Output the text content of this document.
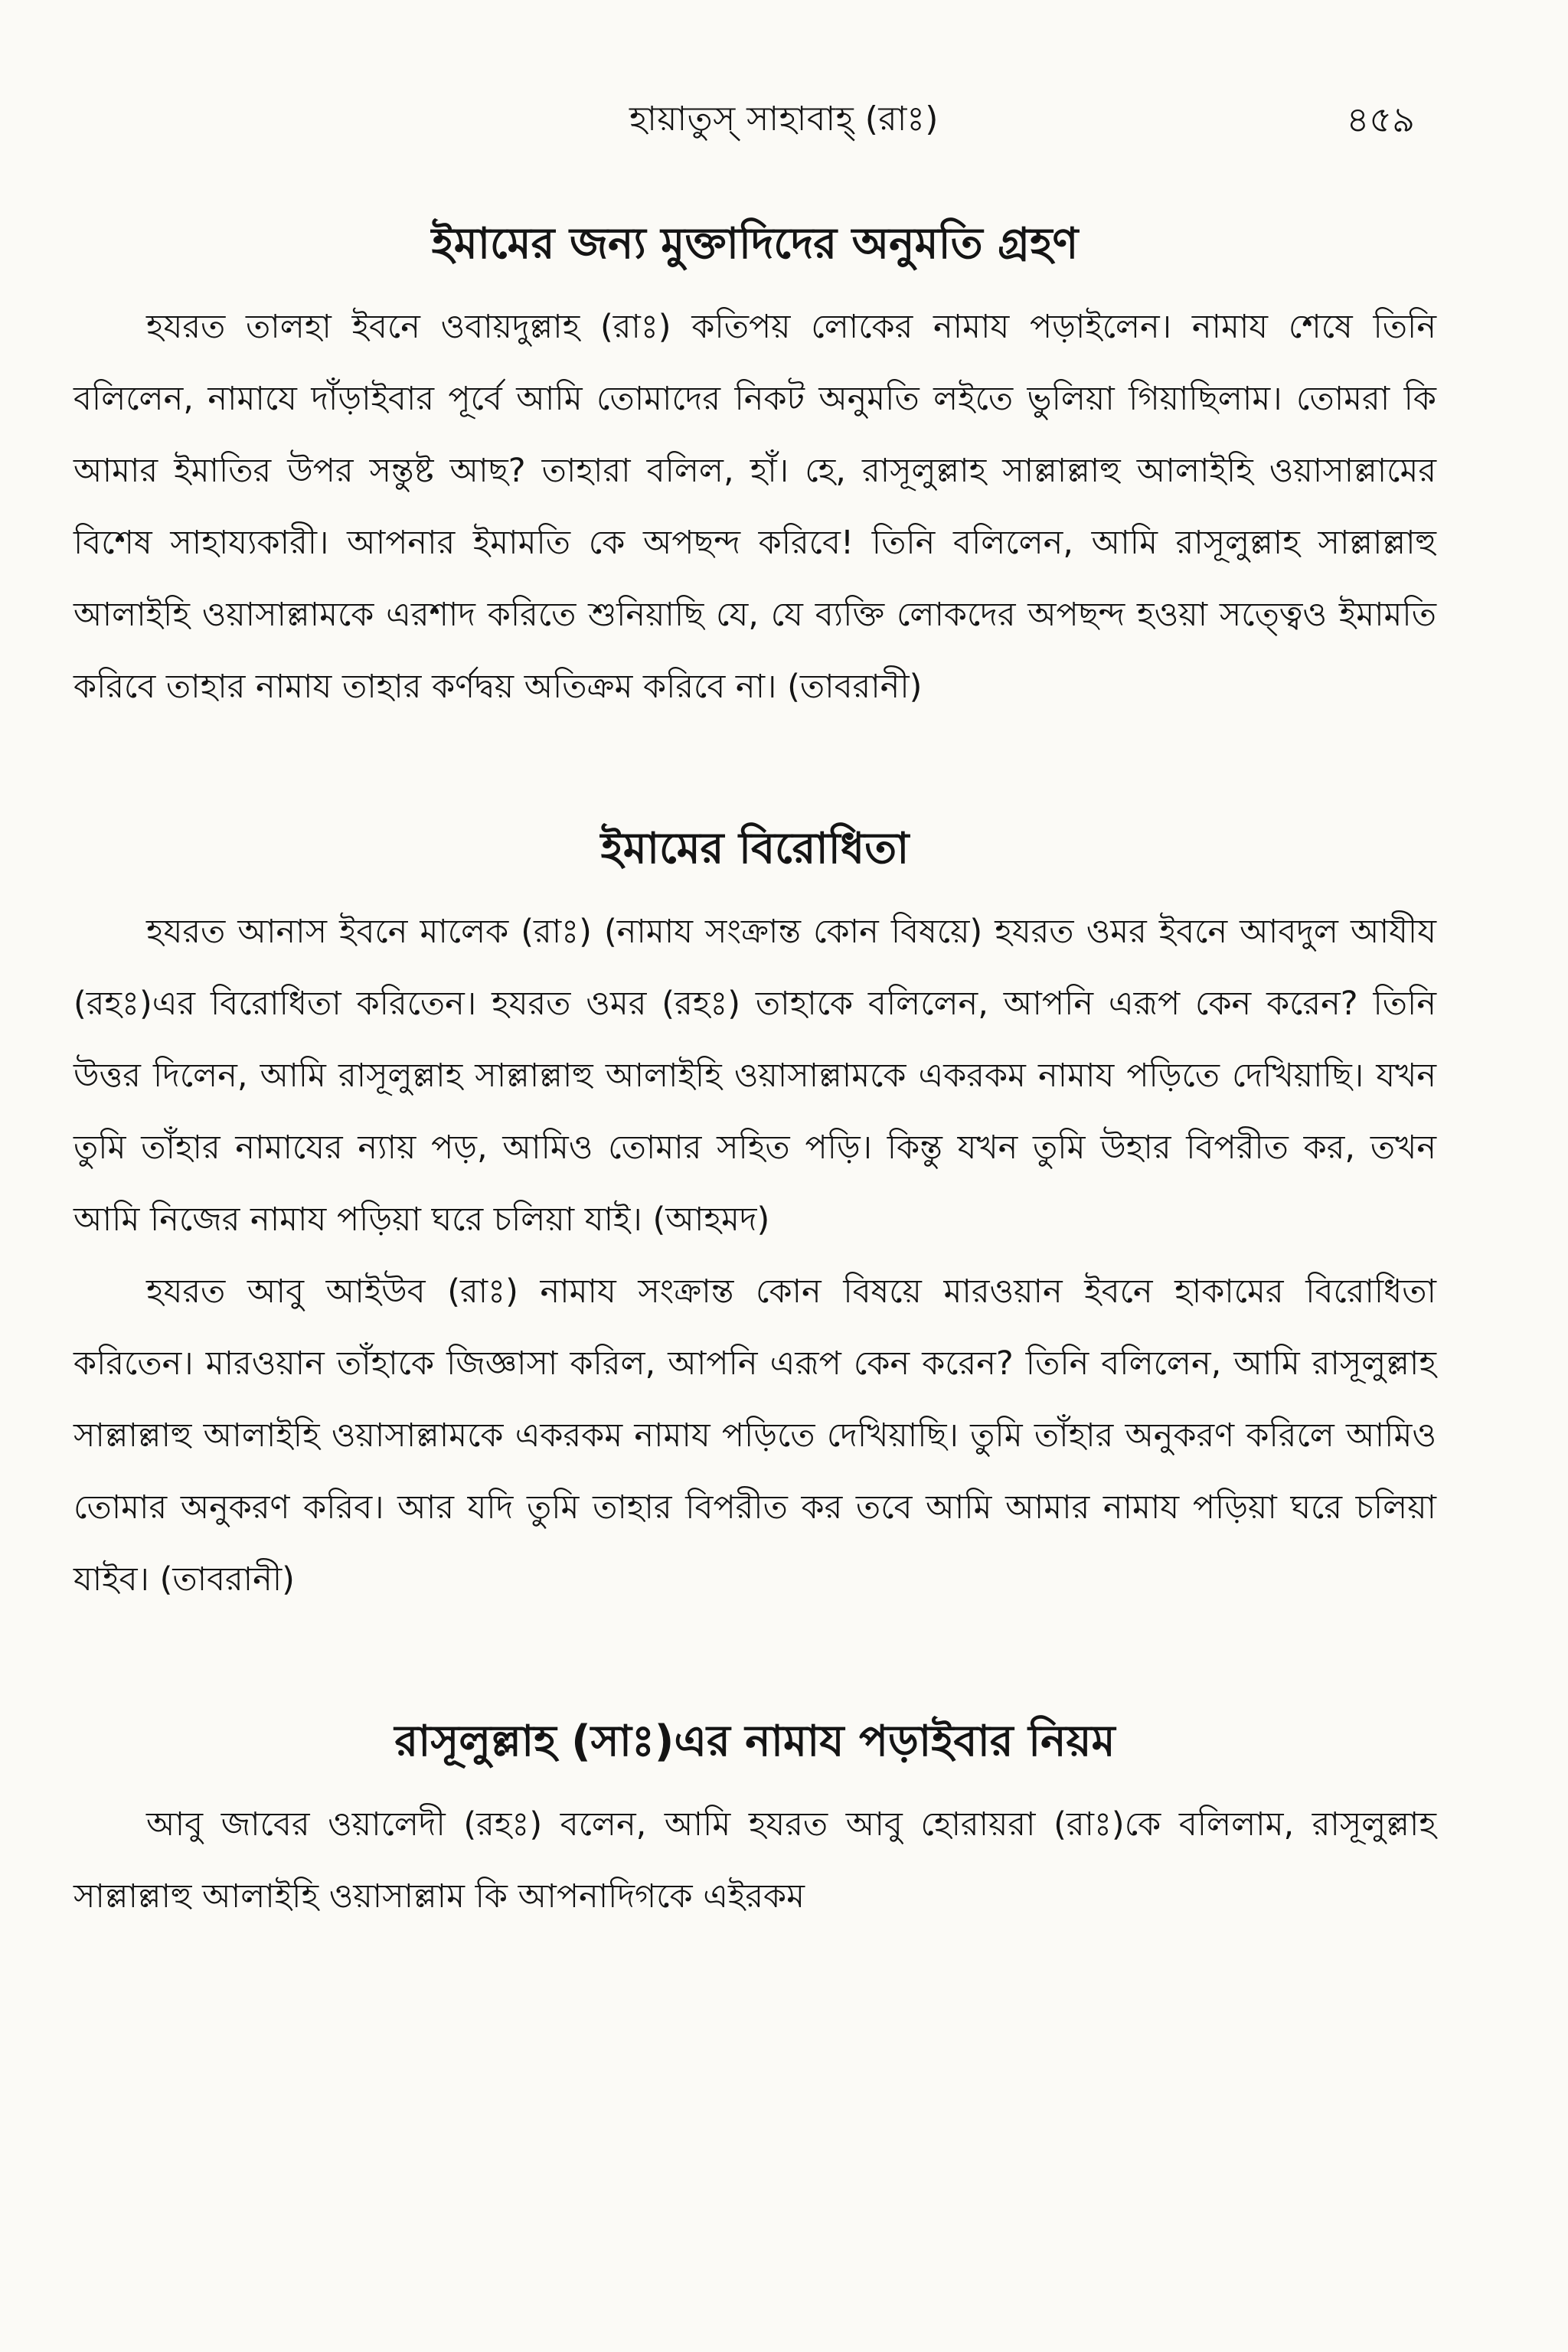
হায়াতুস্‌ সাহাবাহ্‌ (রাঃ)	৪৫৯
ইমামের জন্য মুক্তাদিদের অনুমতি গ্রহণ

হযরত তালহা ইবনে ওবায়দুল্লাহ (রাঃ) কতিপয় লোকের নামায পড়াইলেন। নামায শেষে তিনি বলিলেন, নামাযে দাঁড়াইবার পূর্বে আমি তোমাদের নিকট অনুমতি লইতে ভুলিয়া গিয়াছিলাম। তোমরা কি আমার ইমাতির উপর সন্তুষ্ট আছ? তাহারা বলিল, হাঁ। হে, রাসূলুল্লাহ সাল্লাল্লাহু আলাইহি ওয়াসাল্লামের বিশেষ সাহায্যকারী। আপনার ইমামতি কে অপছন্দ করিবে! তিনি বলিলেন, আমি রাসূলুল্লাহ সাল্লাল্লাহু আলাইহি ওয়াসাল্লামকে এরশাদ করিতে শুনিয়াছি যে, যে ব্যক্তি লোকদের অপছন্দ হওয়া সত্ত্বেও ইমামতি করিবে তাহার নামায তাহার কর্ণদ্বয় অতিক্রম করিবে না। (তাবরানী)

ইমামের বিরোধিতা

হযরত আনাস ইবনে মালেক (রাঃ) (নামায সংক্রান্ত কোন বিষয়ে) হযরত ওমর ইবনে আবদুল আযীয (রহঃ)এর বিরোধিতা করিতেন। হযরত ওমর (রহঃ) তাহাকে বলিলেন, আপনি এরূপ কেন করেন? তিনি উত্তর দিলেন, আমি রাসূলুল্লাহ সাল্লাল্লাহু আলাইহি ওয়াসাল্লামকে একরকম নামায পড়িতে দেখিয়াছি। যখন তুমি তাঁহার নামাযের ন্যায় পড়, আমিও তোমার সহিত পড়ি। কিন্তু যখন তুমি উহার বিপরীত কর, তখন আমি নিজের নামায পড়িয়া ঘরে চলিয়া যাই। (আহমদ)

হযরত আবু আইউব (রাঃ) নামায সংক্রান্ত কোন বিষয়ে মারওয়ান ইবনে হাকামের বিরোধিতা করিতেন। মারওয়ান তাঁহাকে জিজ্ঞাসা করিল, আপনি এরূপ কেন করেন? তিনি বলিলেন, আমি রাসূলুল্লাহ সাল্লাল্লাহু আলাইহি ওয়াসাল্লামকে একরকম নামায পড়িতে দেখিয়াছি। তুমি তাঁহার অনুকরণ করিলে আমিও তোমার অনুকরণ করিব। আর যদি তুমি তাহার বিপরীত কর তবে আমি আমার নামায পড়িয়া ঘরে চলিয়া যাইব। (তাবরানী)

রাসূলুল্লাহ (সাঃ)এর নামায পড়াইবার নিয়ম

আবু জাবের ওয়ালেদী (রহঃ) বলেন, আমি হযরত আবু হোরায়রা (রাঃ)কে বলিলাম, রাসূলুল্লাহ সাল্লাল্লাহু আলাইহি ওয়াসাল্লাম কি আপনাদিগকে এইরকম
